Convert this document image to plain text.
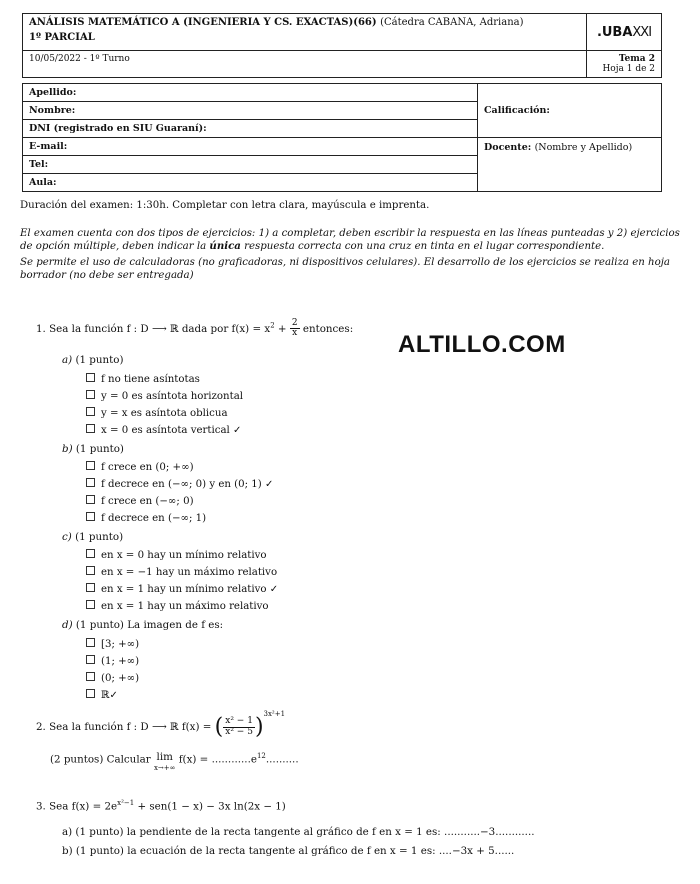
ANÁLISIS MATEMÁTICO A (INGENIERIA Y CS. EXACTAS)(66) (Cátedra CABANA, Adriana)
1º PARCIAL	.UBAXXI
10/05/2022 - 1º Turno	Tema 2
Hoja 1 de 2
Apellido:	Calificación:
Nombre:	
DNI (registrado en SIU Guaraní):	
E-mail:	Docente: (Nombre y Apellido)
Tel:	
Aula:	
Duración del examen: 1:30h. Completar con letra clara, mayúscula e imprenta.
El examen cuenta con dos tipos de ejercicios: 1) a completar, deben escribir la respuesta en las líneas punteadas y 2) ejercicios de opción múltiple, deben indicar la única respuesta correcta con una cruz en tinta en el lugar correspondiente.
Se permite el uso de calculadoras (no graficadoras, ni dispositivos celulares). El desarrollo de los ejercicios se realiza en hoja borrador (no debe ser entregada)
ALTILLO.COM
1. Sea la función f : D ⟶ ℝ dada por $f(x) = x^2 + \frac{2}{x}$ entonces:
a) (1 punto)
f no tiene asíntotas
y = 0 es asíntota horizontal
y = x es asíntota oblicua
x = 0 es asíntota vertical ✓
b) (1 punto)
f crece en (0; +∞)
f decrece en (−∞; 0) y en (0; 1) ✓
f crece en (−∞; 0)
f decrece en (−∞; 1)
c) (1 punto)
en x = 0 hay un mínimo relativo
en x = −1 hay un máximo relativo
en x = 1 hay un mínimo relativo ✓
en x = 1 hay un máximo relativo
d) (1 punto) La imagen de f es:
[3; +∞)
(1; +∞)
(0; +∞)
ℝ✓
2. Sea la función f : D ⟶ ℝ f(x) = ( $\frac{\text{x² − 1}}{\text{x² − 5}} )^{3x^2+1}$
(2 puntos) Calcular lim
x→+∞ $f(x) = ............e^{12}$..........
3. Sea $f(x) = 2e^{x^2-1} + sen(1 - x) - 3x$ ln(2x − 1)
a) (1 punto) la pendiente de la recta tangente al gráfico de f en x = 1 es: ...........−3............
b) (1 punto) la ecuación de la recta tangente al gráfico de f en x = 1 es: ....−3x + 5......
